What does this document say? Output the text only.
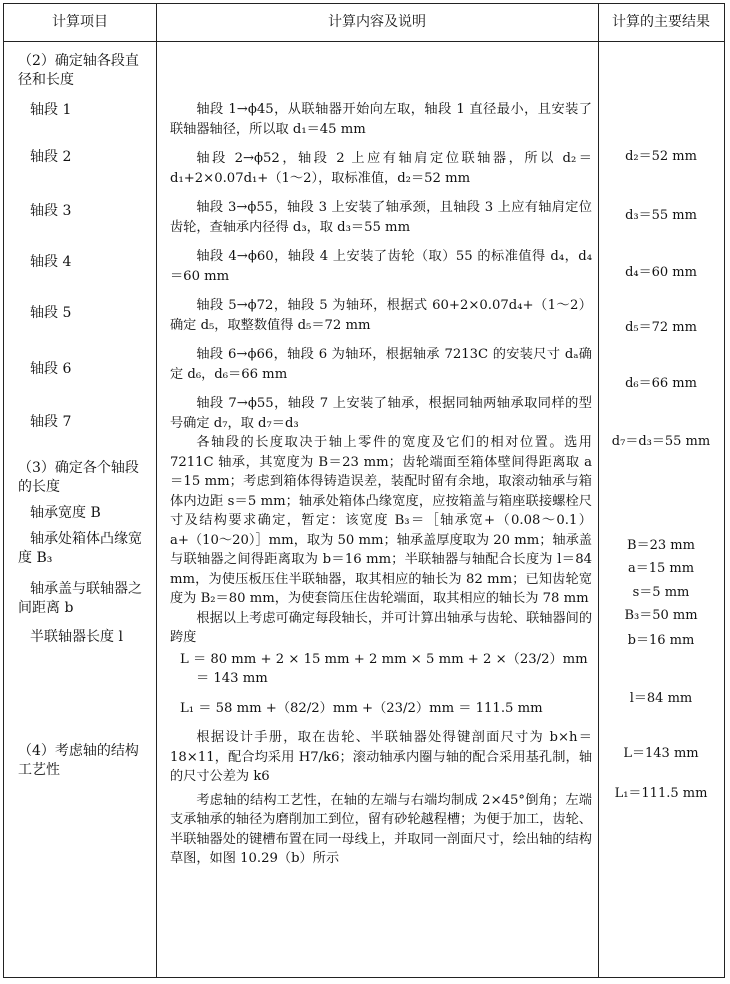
计算项目	计算内容及说明	计算的主要结果
（2）确定轴各段直径和长度
轴段 1
轴段 2
轴段 3
轴段 4
轴段 5
轴段 6
轴段 7
（3）确定各个轴段的长度
轴承宽度 B
轴承处箱体凸缘宽度 B₃
轴承盖与联轴器之间距离 b
半联轴器长度 l
（4）考虑轴的结构工艺性
轴段 1→ϕ45，从联轴器开始向左取，轴段 1 直径最小，且安装了联轴器轴径，所以取 d₁＝45 mm
轴段 2→ϕ52，轴段 2 上应有轴肩定位联轴器，所以 d₂＝d₁+2×0.07d₁+（1～2），取标准值，d₂＝52 mm
轴段 3→ϕ55，轴段 3 上安装了轴承颈，且轴段 3 上应有轴肩定位齿轮，查轴承内径得 d₃，取 d₃＝55 mm
轴段 4→ϕ60，轴段 4 上安装了齿轮（取）55 的标准值得 d₄，d₄＝60 mm
轴段 5→ϕ72，轴段 5 为轴环，根据式 60+2×0.07d₄+（1～2）确定 d₅，取整数值得 d₅＝72 mm
轴段 6→ϕ66，轴段 6 为轴环，根据轴承 7213C 的安装尺寸 dₐ确定 d₆，d₆＝66 mm
轴段 7→ϕ55，轴段 7 上安装了轴承，根据同轴两轴承取同样的型号确定 d₇，取 d₇＝d₃
各轴段的长度取决于轴上零件的宽度及它们的相对位置。选用 7211C 轴承，其宽度为 B＝23 mm；齿轮端面至箱体壁间得距离取 a＝15 mm；考虑到箱体得铸造误差，装配时留有余地，取滚动轴承与箱体内边距 s＝5 mm；轴承处箱体凸缘宽度，应按箱盖与箱座联接螺栓尺寸及结构要求确定，暂定：该宽度 B₃＝［轴承宽+（0.08～0.1）a+（10～20）］mm，取为 50 mm；轴承盖厚度取为 20 mm；轴承盖与联轴器之间得距离取为 b＝16 mm；半联轴器与轴配合长度为 l＝84 mm，为使压板压住半联轴器，取其相应的轴长为 82 mm；已知齿轮宽度为 B₂＝80 mm，为使套筒压住齿轮端面，取其相应的轴长为 78 mm
根据以上考虑可确定每段轴长，并可计算出轴承与齿轮、联轴器间的跨度
L ＝ 80 mm + 2 × 15 mm + 2 mm × 5 mm + 2 ×（23/2）mm
＝ 143 mm
L₁ ＝ 58 mm +（82/2）mm +（23/2）mm ＝ 111.5 mm
根据设计手册，取在齿轮、半联轴器处得键剖面尺寸为 b×h＝18×11，配合均采用 H7/k6；滚动轴承内圈与轴的配合采用基孔制，轴的尺寸公差为 k6
考虑轴的结构工艺性，在轴的左端与右端均制成 2×45°倒角；左端支承轴承的轴径为磨削加工到位，留有砂轮越程槽；为便于加工，齿轮、半联轴器处的键槽布置在同一母线上，并取同一剖面尺寸，绘出轴的结构草图，如图 10.29（b）所示
d₂＝52 mm
d₃＝55 mm
d₄＝60 mm
d₅＝72 mm
d₆＝66 mm
d₇＝d₃＝55 mm
B＝23 mm
a＝15 mm
s＝5 mm
B₃＝50 mm
b＝16 mm
l＝84 mm
L＝143 mm
L₁＝111.5 mm
